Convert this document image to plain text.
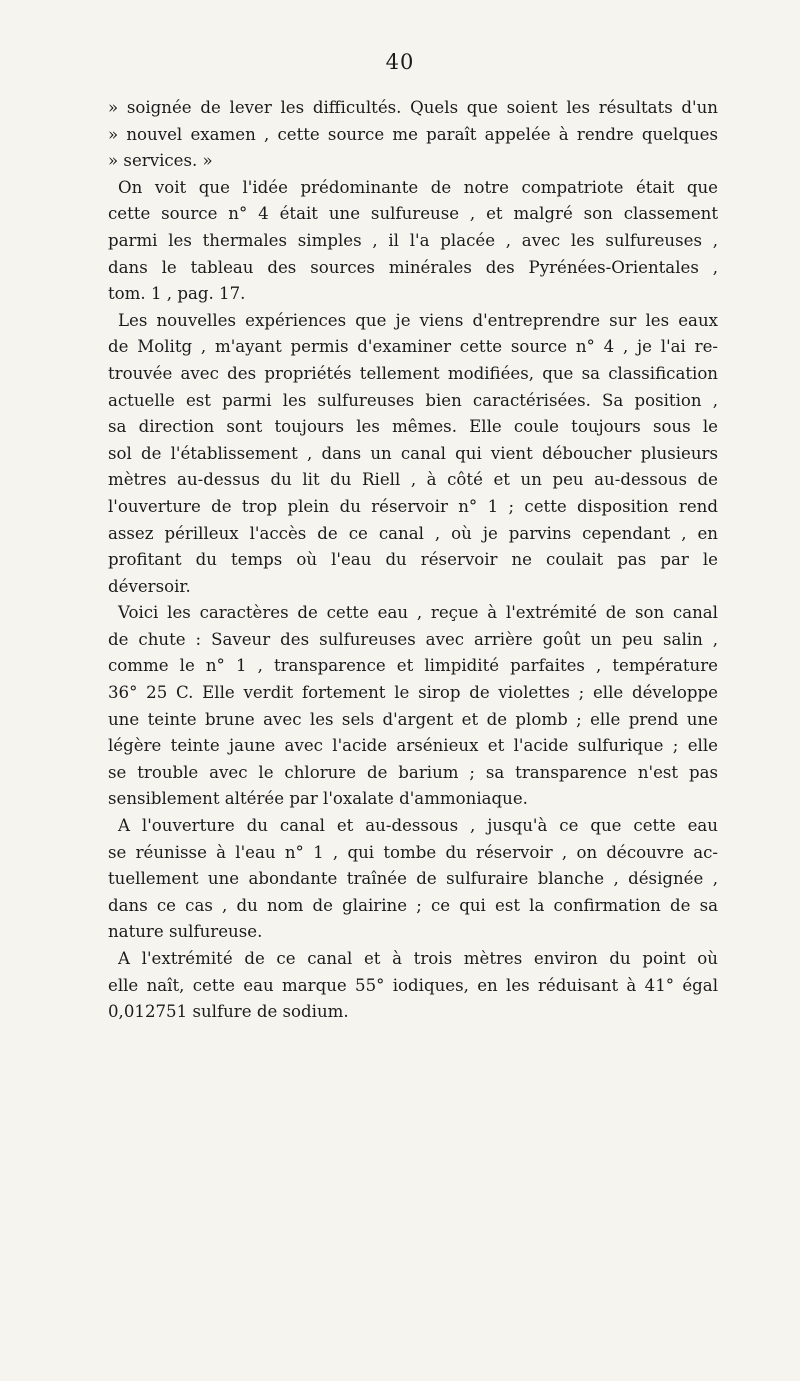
40
» soignée de lever les difficultés. Quels que soient les résultats d'un
» nouvel examen , cette source me paraît appelée à rendre quelques
» services. »
On voit que l'idée prédominante de notre compatriote était que
cette source n° 4 était une sulfureuse , et malgré son classement
parmi les thermales simples , il l'a placée , avec les sulfureuses ,
dans le tableau des sources minérales des Pyrénées-Orientales ,
tom. 1 , pag. 17.
Les nouvelles expériences que je viens d'entreprendre sur les eaux
de Molitg , m'ayant permis d'examiner cette source n° 4 , je l'ai re-
trouvée avec des propriétés tellement modifiées, que sa classification
actuelle est parmi les sulfureuses bien caractérisées. Sa position ,
sa direction sont toujours les mêmes. Elle coule toujours sous le
sol de l'établissement , dans un canal qui vient déboucher plusieurs
mètres au-dessus du lit du Riell , à côté et un peu au-dessous de
l'ouverture de trop plein du réservoir n° 1 ; cette disposition rend
assez périlleux l'accès de ce canal , où je parvins cependant , en
profitant du temps où l'eau du réservoir ne coulait pas par le
déversoir.
Voici les caractères de cette eau , reçue à l'extrémité de son canal
de chute : Saveur des sulfureuses avec arrière goût un peu salin ,
comme le n° 1 , transparence et limpidité parfaites , température
36° 25 C. Elle verdit fortement le sirop de violettes ; elle développe
une teinte brune avec les sels d'argent et de plomb ; elle prend une
légère teinte jaune avec l'acide arsénieux et l'acide sulfurique ; elle
se trouble avec le chlorure de barium ; sa transparence n'est pas
sensiblement altérée par l'oxalate d'ammoniaque.
A l'ouverture du canal et au-dessous , jusqu'à ce que cette eau
se réunisse à l'eau n° 1 , qui tombe du réservoir , on découvre ac-
tuellement une abondante traînée de sulfuraire blanche , désignée ,
dans ce cas , du nom de glairine ; ce qui est la confirmation de sa
nature sulfureuse.
A l'extrémité de ce canal et à trois mètres environ du point où
elle naît, cette eau marque 55° iodiques, en les réduisant à 41° égal
0,012751 sulfure de sodium.
